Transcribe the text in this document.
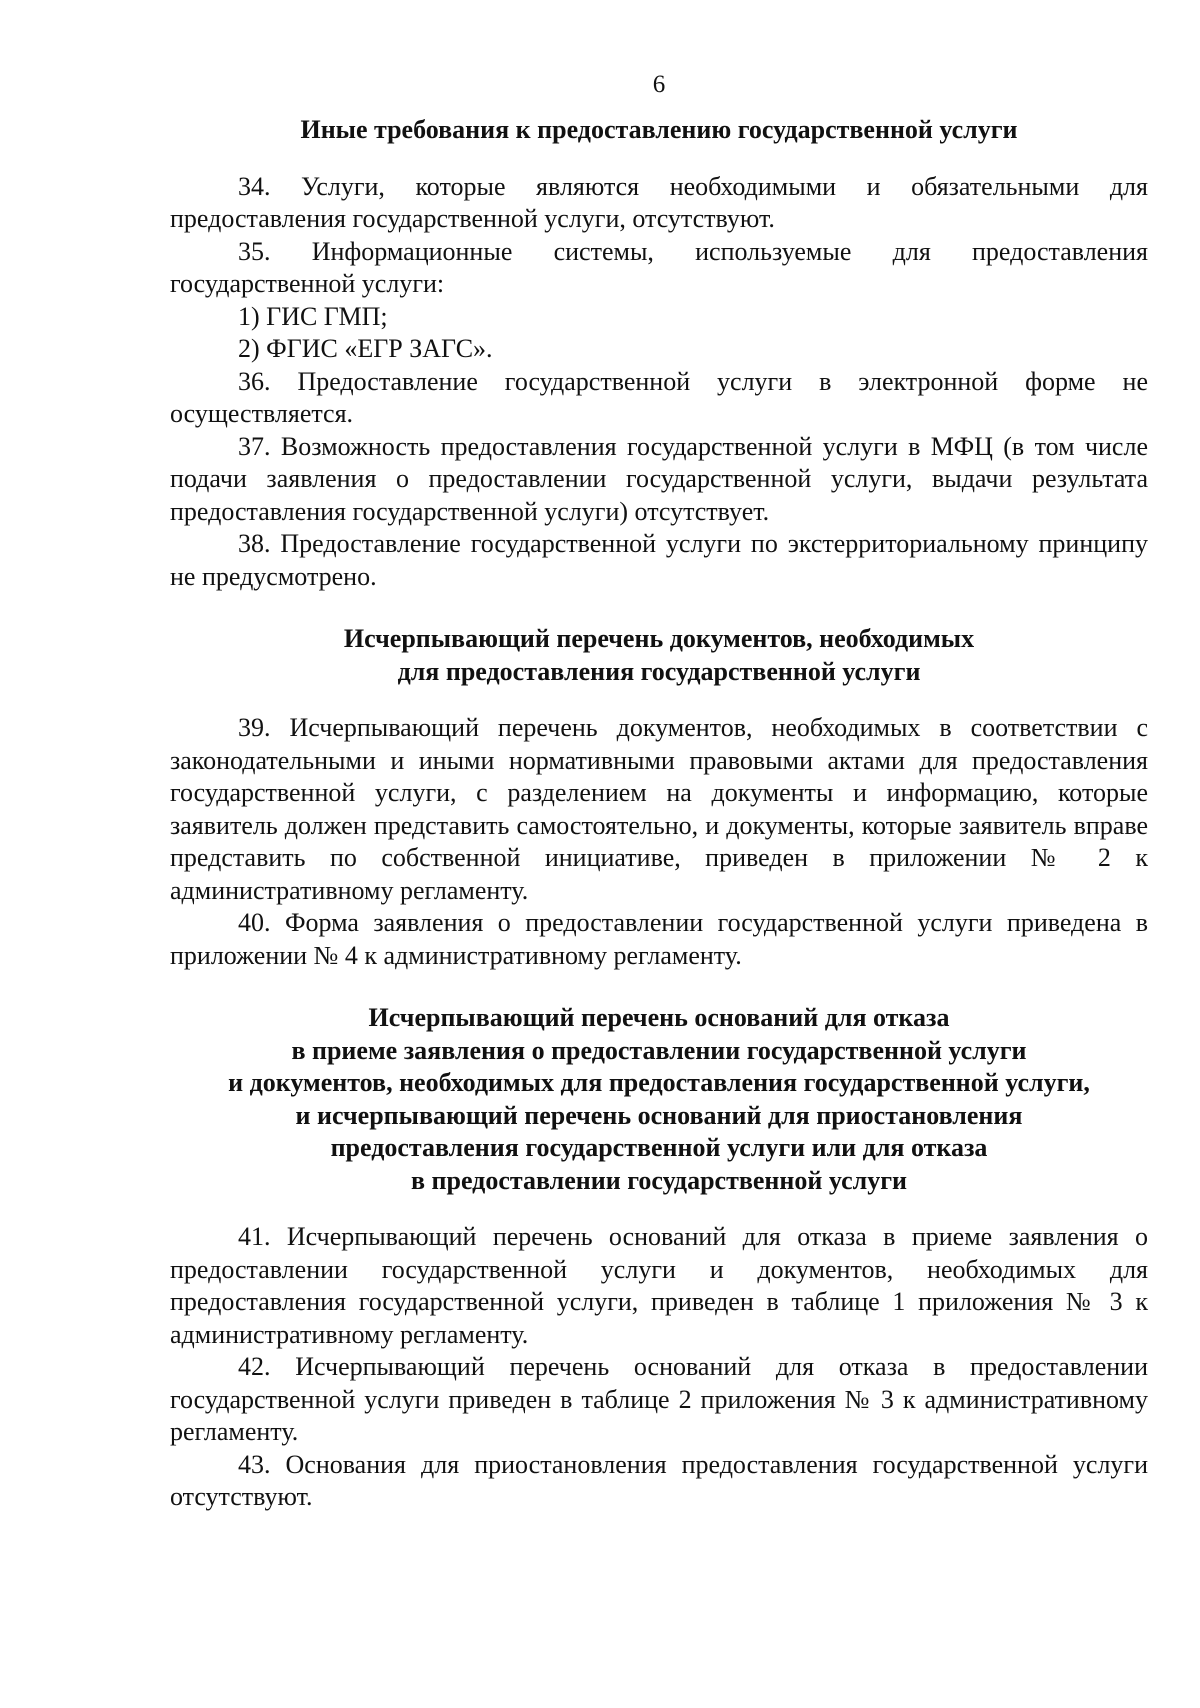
6

Иные требования к предоставлению государственной услуги

34. Услуги, которые являются необходимыми и обязательными для предоставления государственной услуги, отсутствуют.

35. Информационные системы, используемые для предоставления государственной услуги:

1) ГИС ГМП;

2) ФГИС «ЕГР ЗАГС».

36. Предоставление государственной услуги в электронной форме не осуществляется.

37. Возможность предоставления государственной услуги в МФЦ (в том числе подачи заявления о предоставлении государственной услуги, выдачи результата предоставления государственной услуги) отсутствует.

38. Предоставление государственной услуги по экстерриториальному принципу не предусмотрено.

Исчерпывающий перечень документов, необходимых
для предоставления государственной услуги

39. Исчерпывающий перечень документов, необходимых в соответствии с законодательными и иными нормативными правовыми актами для предоставления государственной услуги, с разделением на документы и информацию, которые заявитель должен представить самостоятельно, и документы, которые заявитель вправе представить по собственной инициативе, приведен в приложении № 2 к административному регламенту.

40. Форма заявления о предоставлении государственной услуги приведена в приложении № 4 к административному регламенту.

Исчерпывающий перечень оснований для отказа
в приеме заявления о предоставлении государственной услуги
и документов, необходимых для предоставления государственной услуги,
и исчерпывающий перечень оснований для приостановления
предоставления государственной услуги или для отказа
в предоставлении государственной услуги

41. Исчерпывающий перечень оснований для отказа в приеме заявления о предоставлении государственной услуги и документов, необходимых для предоставления государственной услуги, приведен в таблице 1 приложения № 3 к административному регламенту.

42. Исчерпывающий перечень оснований для отказа в предоставлении государственной услуги приведен в таблице 2 приложения № 3 к административному регламенту.

43. Основания для приостановления предоставления государственной услуги отсутствуют.
